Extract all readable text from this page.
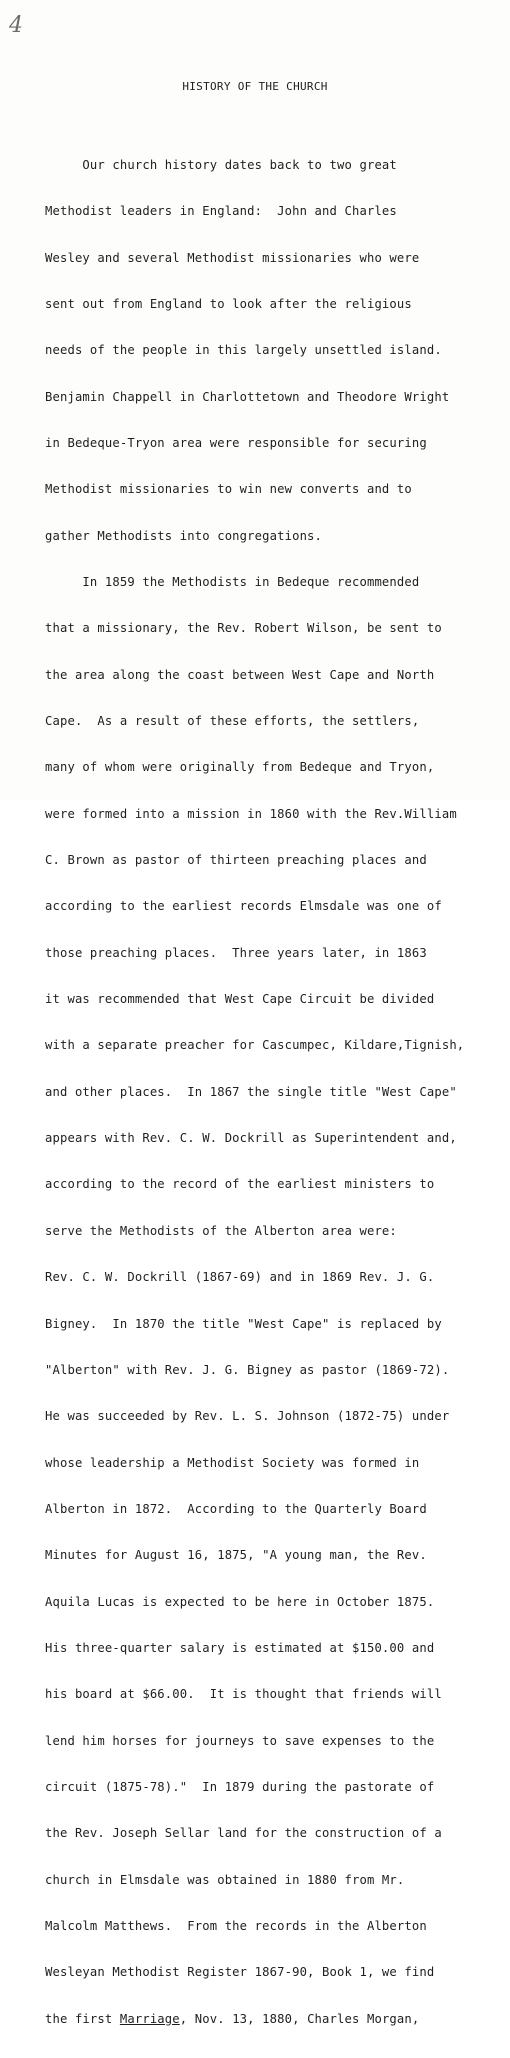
4
HISTORY OF THE CHURCH

Our church history dates back to two great

Methodist leaders in England:  John and Charles

Wesley and several Methodist missionaries who were

sent out from England to look after the religious

needs of the people in this largely unsettled island.

Benjamin Chappell in Charlottetown and Theodore Wright

in Bedeque-Tryon area were responsible for securing

Methodist missionaries to win new converts and to

gather Methodists into congregations.

In 1859 the Methodists in Bedeque recommended

that a missionary, the Rev. Robert Wilson, be sent to

the area along the coast between West Cape and North

Cape.  As a result of these efforts, the settlers,

many of whom were originally from Bedeque and Tryon,

were formed into a mission in 1860 with the Rev.William

C. Brown as pastor of thirteen preaching places and

according to the earliest records Elmsdale was one of

those preaching places.  Three years later, in 1863

it was recommended that West Cape Circuit be divided

with a separate preacher for Cascumpec, Kildare,Tignish,

and other places.  In 1867 the single title "West Cape"

appears with Rev. C. W. Dockrill as Superintendent and,

according to the record of the earliest ministers to

serve the Methodists of the Alberton area were:

Rev. C. W. Dockrill (1867-69) and in 1869 Rev. J. G.

Bigney.  In 1870 the title "West Cape" is replaced by

"Alberton" with Rev. J. G. Bigney as pastor (1869-72).

He was succeeded by Rev. L. S. Johnson (1872-75) under

whose leadership a Methodist Society was formed in

Alberton in 1872.  According to the Quarterly Board

Minutes for August 16, 1875, "A young man, the Rev.

Aquila Lucas is expected to be here in October 1875.

His three-quarter salary is estimated at $150.00 and

his board at $66.00.  It is thought that friends will

lend him horses for journeys to save expenses to the

circuit (1875-78)."  In 1879 during the pastorate of

the Rev. Joseph Sellar land for the construction of a

church in Elmsdale was obtained in 1880 from Mr.

Malcolm Matthews.  From the records in the Alberton

Wesleyan Methodist Register 1867-90, Book 1, we find

the first Marriage, Nov. 13, 1880, Charles Morgan,
